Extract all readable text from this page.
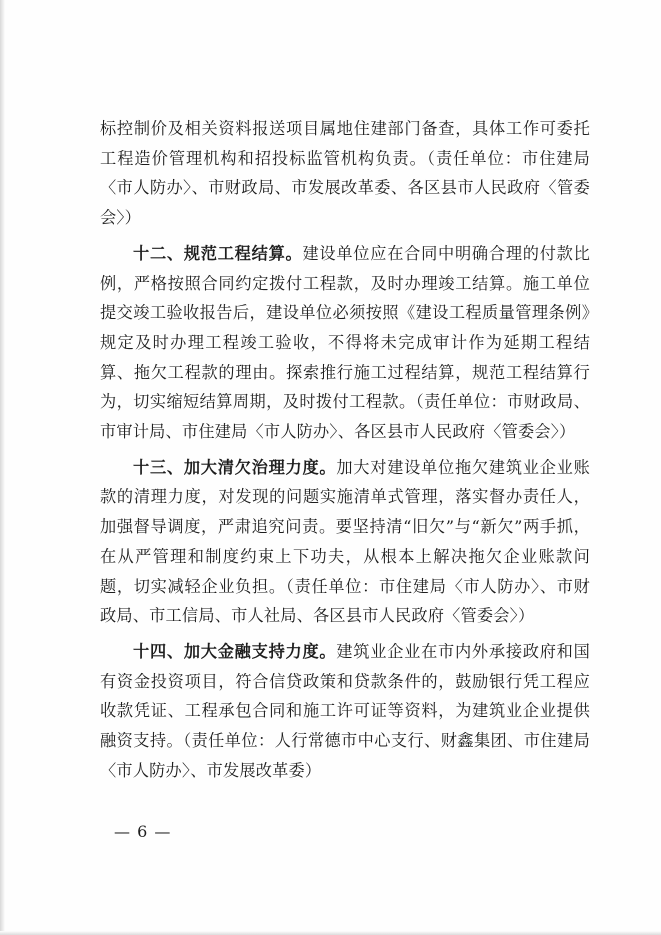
标控制价及相关资料报送项目属地住建部门备查，具体工作可委托工程造价管理机构和招投标监管机构负责。（责任单位：市住建局〈市人防办〉、市财政局、市发展改革委、各区县市人民政府〈管委会〉）

十二、规范工程结算。建设单位应在合同中明确合理的付款比例，严格按照合同约定拨付工程款，及时办理竣工结算。施工单位提交竣工验收报告后，建设单位必须按照《建设工程质量管理条例》规定及时办理工程竣工验收，不得将未完成审计作为延期工程结算、拖欠工程款的理由。探索推行施工过程结算，规范工程结算行为，切实缩短结算周期，及时拨付工程款。（责任单位：市财政局、市审计局、市住建局〈市人防办〉、各区县市人民政府〈管委会〉）

十三、加大清欠治理力度。加大对建设单位拖欠建筑业企业账款的清理力度，对发现的问题实施清单式管理，落实督办责任人，加强督导调度，严肃追究问责。要坚持清“旧欠”与“新欠”两手抓，在从严管理和制度约束上下功夫，从根本上解决拖欠企业账款问题，切实减轻企业负担。（责任单位：市住建局〈市人防办〉、市财政局、市工信局、市人社局、各区县市人民政府〈管委会〉）

十四、加大金融支持力度。建筑业企业在市内外承接政府和国有资金投资项目，符合信贷政策和贷款条件的，鼓励银行凭工程应收款凭证、工程承包合同和施工许可证等资料，为建筑业企业提供融资支持。（责任单位：人行常德市中心支行、财鑫集团、市住建局〈市人防办〉、市发展改革委）

— 6 —
